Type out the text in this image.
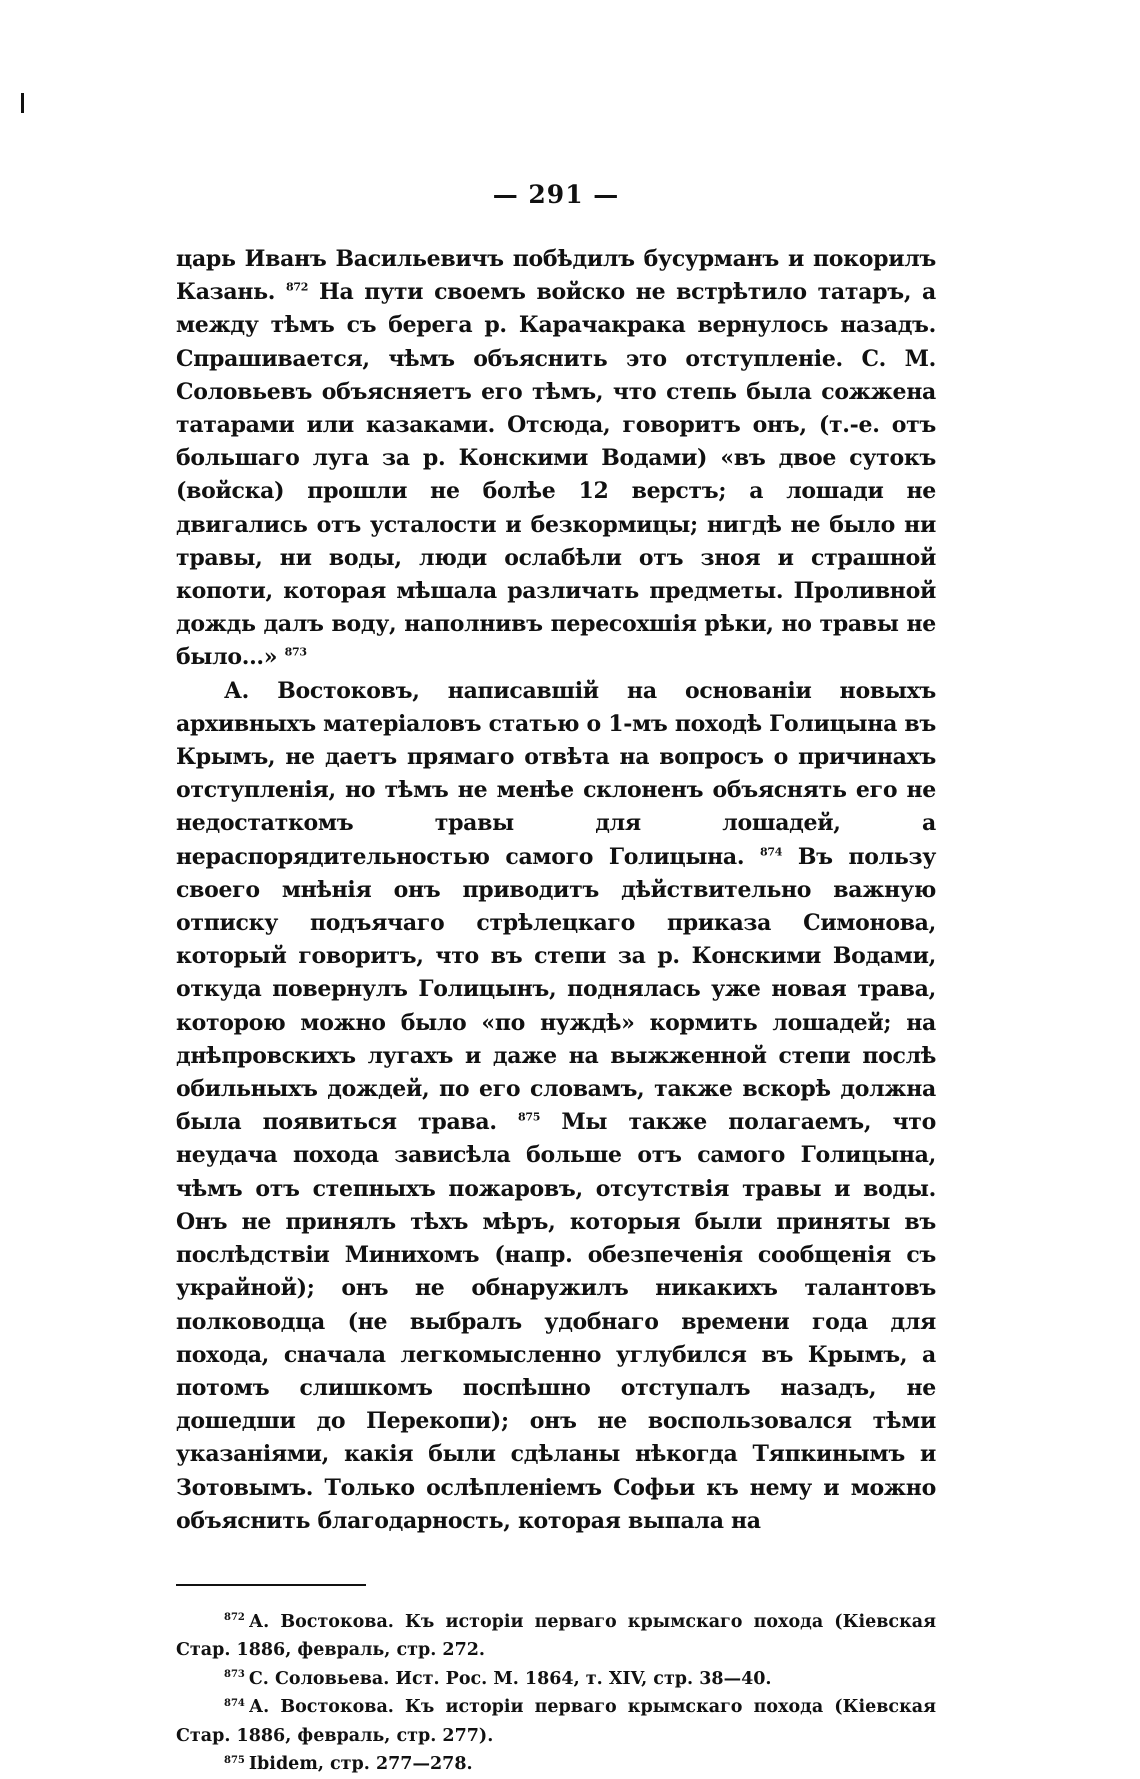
— 291 —

царь Иванъ Васильевичъ побѣдилъ бусурманъ и покорилъ Казань. $^{872}$ На пути своемъ войско не встрѣтило татаръ, а между тѣмъ съ берега р. Карачакрака вернулось назадъ. Спрашивается, чѣмъ объяснить это отступленіе. С. М. Соловьевъ объясняетъ его тѣмъ, что степь была сожжена татарами или казаками. Отсюда, говоритъ онъ, (т.-е. отъ большаго луга за р. Конскими Водами) «въ двое сутокъ (войска) прошли не болѣе 12 верстъ; а лошади не двигались отъ усталости и безкормицы; нигдѣ не было ни травы, ни воды, люди ослабѣли отъ зноя и страшной копоти, которая мѣшала различать предметы. Проливной дождь далъ воду, наполнивъ пересохшія рѣки, но травы не было...» $^{873}$

А. Востоковъ, написавшій на основаніи новыхъ архивныхъ матеріаловъ статью о 1-мъ походѣ Голицына въ Крымъ, не даетъ прямаго отвѣта на вопросъ о причинахъ отступленія, но тѣмъ не менѣе склоненъ объяснять его не недостаткомъ травы для лошадей, а нераспорядительностью самого Голицына. $^{874}$ Въ пользу своего мнѣнія онъ приводитъ дѣйствительно важную отписку подъячаго стрѣлецкаго приказа Симонова, который говоритъ, что въ степи за р. Конскими Водами, откуда повернулъ Голицынъ, поднялась уже новая трава, которою можно было «по нуждѣ» кормить лошадей; на днѣпровскихъ лугахъ и даже на выжженной степи послѣ обильныхъ дождей, по его словамъ, также вскорѣ должна была появиться трава. $^{875}$ Мы также полагаемъ, что неудача похода зависѣла больше отъ самого Голицына, чѣмъ отъ степныхъ пожаровъ, отсутствія травы и воды. Онъ не принялъ тѣхъ мѣръ, которыя были приняты въ послѣдствіи Минихомъ (напр. обезпеченія сообщенія съ украйной); онъ не обнаружилъ никакихъ талантовъ полководца (не выбралъ удобнаго времени года для похода, сначала легкомысленно углубился въ Крымъ, а потомъ слишкомъ поспѣшно отступалъ назадъ, не дошедши до Перекопи); онъ не воспользовался тѣми указаніями, какія были сдѣланы нѣкогда Тяпкинымъ и Зотовымъ. Только ослѣпленіемъ Софьи къ нему и можно объяснить благодарность, которая выпала на

$^{872}$ А. Востокова. Къ исторіи перваго крымскаго похода (Кіевская Стар. 1886, февраль, стр. 272.

$^{873}$ С. Соловьева. Ист. Рос. М. 1864, т. XIV, стр. 38—40.

$^{874}$ А. Востокова. Къ исторіи перваго крымскаго похода (Кіевская Стар. 1886, февраль, стр. 277).

$^{875}$ Ibidem, стр. 277—278.
